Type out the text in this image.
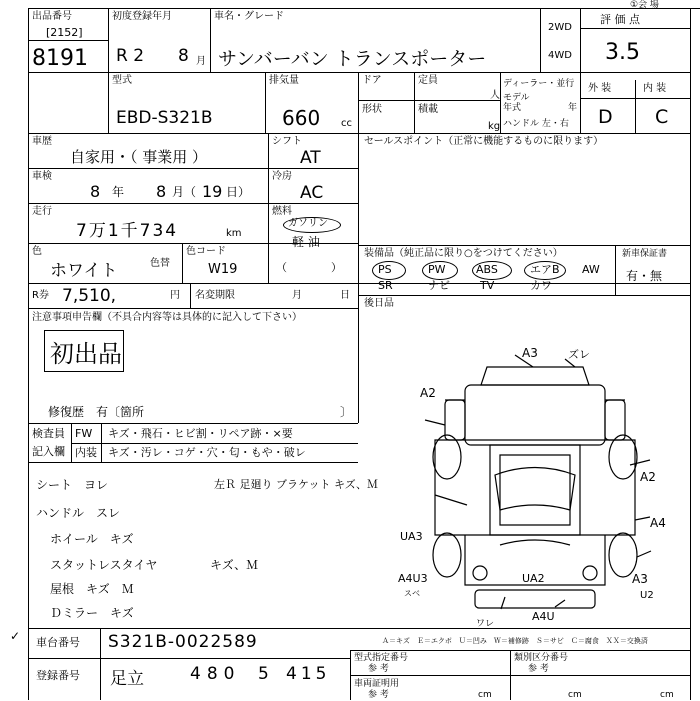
出品番号
[2152]
8191
初度登録年月
R 2 8 月
車名・グレード
サンバーバン トランスポーター
2WD
4WD
①会 場
評 価 点
3.5
型式
EBD-S321B
排気量
660 cc
ドア	定員
人
形状	積載
kg
ディーラー・並行
モデル
年式	年
ハンドル 左・右
外 装	内 装
D C
車歴
自家用・（ 事業用 ）
シフト
AT
車検
8 年 8 月（ 19 日）
冷房
AC
走行
7万1千734	km
燃料
ガソリン
軽 油
（　　　　）
色
ホワイト	色替
色コード
W19
R券 7,510,	円 名変期限	月	日
セールスポイント（正常に機能するものに限ります）
装備品（純正品に限り○をつけてください）	新車保証書
有・無
PS	PW	ABS	エアB AW
SR	ナビ	TV	カワ
後日品
注意事項申告欄（不具合内容等は具体的に記入して下さい）
初出品
修復歴　有〔箇所	〕
検査員
記入欄
FW キズ・飛石・ヒビ割・リペア跡・×要
内装 キズ・汚レ・コゲ・穴・匂・もや・破レ
シート　ヨレ	左Ｒ 足廻り ブラケット キズ、Ｍ
ハンドル　スレ
ホイール　キズ
スタットレスタイヤ	キズ、Ｍ
屋根　キズ　Ｍ
Ｄミラー　キズ
A3	ズレ
A2
A2
A4
UA3
A4U3
スベ
UA2	A3
U2
A4U
ワレ
Ａ＝キズ　Ｅ＝エクボ　Ｕ＝凹み　Ｗ＝補修跡　Ｓ＝サビ　Ｃ＝腐食　ＸＸ＝交換済
✓ 車台番号 S321B-0022589
登録番号 足立	480 5 415
型式指定番号
参 考
類別区分番号
参 考
車両証明用
参 考	cm	cm	cm
